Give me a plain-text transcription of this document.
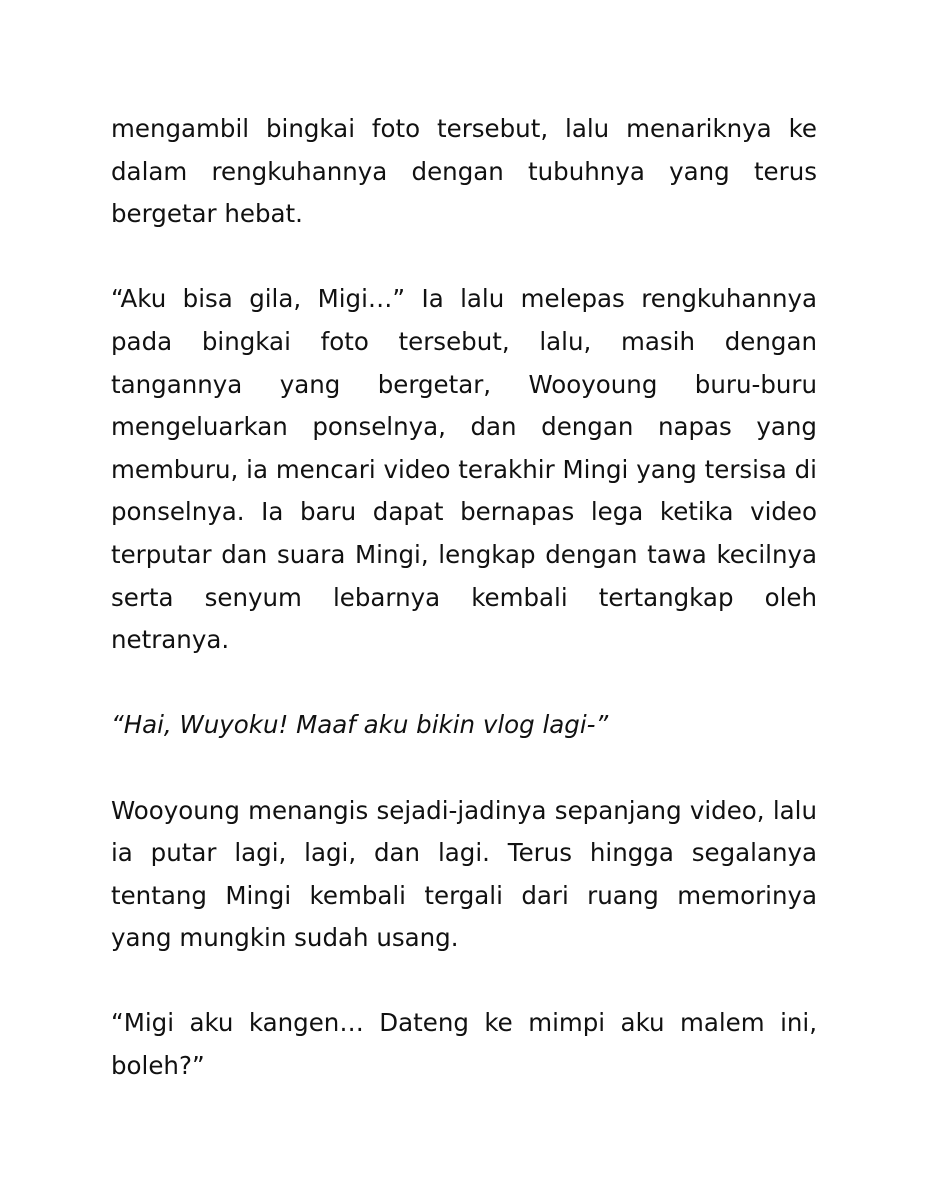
mengambil bingkai foto tersebut, lalu menariknya ke dalam rengkuhannya dengan tubuhnya yang terus bergetar hebat.

“Aku bisa gila, Migi…” Ia lalu melepas rengkuhannya pada bingkai foto tersebut, lalu, masih dengan tangannya yang bergetar, Wooyoung buru-buru mengeluarkan ponselnya, dan dengan napas yang memburu, ia mencari video terakhir Mingi yang tersisa di ponselnya. Ia baru dapat bernapas lega ketika video terputar dan suara Mingi, lengkap dengan tawa kecilnya serta senyum lebarnya kembali tertangkap oleh netranya.

“Hai, Wuyoku! Maaf aku bikin vlog lagi-”

Wooyoung menangis sejadi-jadinya sepanjang video, lalu ia putar lagi, lagi, dan lagi. Terus hingga segalanya tentang Mingi kembali tergali dari ruang memorinya yang mungkin sudah usang.

“Migi aku kangen… Dateng ke mimpi aku malem ini, boleh?”
